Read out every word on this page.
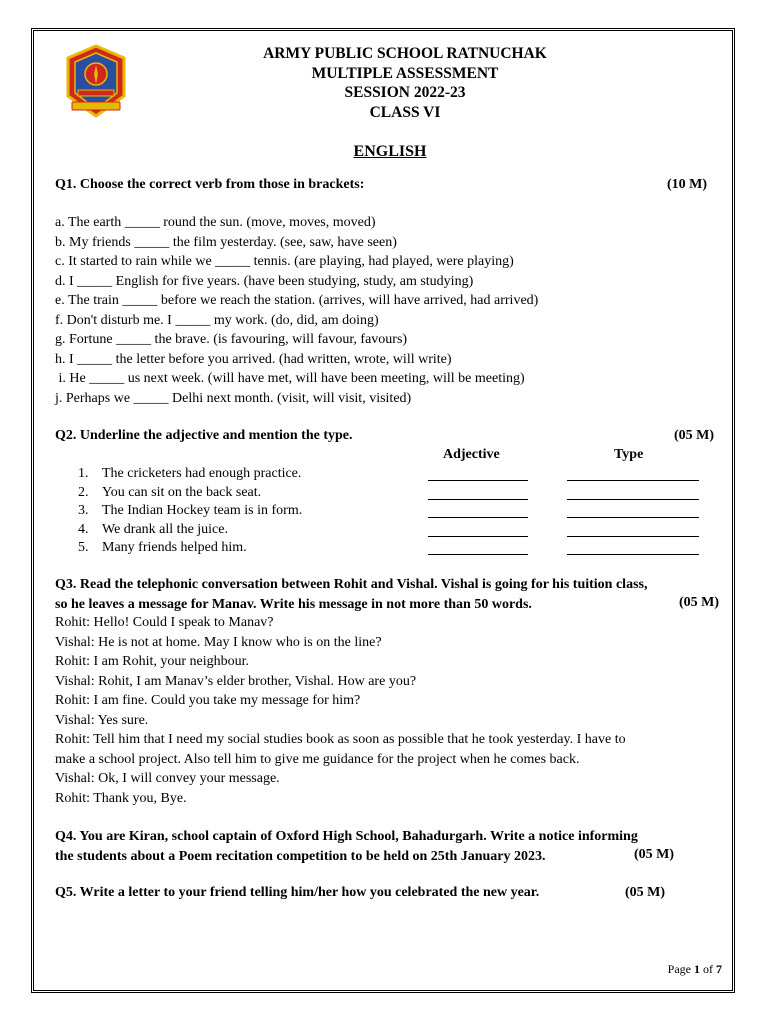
ARMY PUBLIC SCHOOL RATNUCHAK
MULTIPLE ASSESSMENT
SESSION 2022-23
CLASS VI
ENGLISH
Q1. Choose the correct verb from those in brackets:	(10 M)
a. The earth _____ round the sun. (move, moves, moved)
b. My friends _____ the film yesterday. (see, saw, have seen)
c. It started to rain while we _____ tennis. (are playing, had played, were playing)
d. I _____ English for five years. (have been studying, study, am studying)
e. The train _____ before we reach the station. (arrives, will have arrived, had arrived)
f. Don't disturb me. I _____ my work. (do, did, am doing)
g. Fortune _____ the brave. (is favouring, will favour, favours)
h. I _____ the letter before you arrived. (had written, wrote, will write)
i. He _____ us next week. (will have met, will have been meeting, will be meeting)
j. Perhaps we _____ Delhi next month. (visit, will visit, visited)
Q2. Underline the adjective and mention the type.	(05 M)
Adjective	Type
1. The cricketers had enough practice.
2. You can sit on the back seat.
3. The Indian Hockey team is in form.
4. We drank all the juice.
5. Many friends helped him.
Q3. Read the telephonic conversation between Rohit and Vishal. Vishal is going for his tuition class,
so he leaves a message for Manav. Write his message in not more than 50 words.	(05 M)
Rohit: Hello! Could I speak to Manav?
Vishal: He is not at home. May I know who is on the line?
Rohit: I am Rohit, your neighbour.
Vishal: Rohit, I am Manav’s elder brother, Vishal. How are you?
Rohit: I am fine. Could you take my message for him?
Vishal: Yes sure.
Rohit: Tell him that I need my social studies book as soon as possible that he took yesterday. I have to
make a school project. Also tell him to give me guidance for the project when he comes back.
Vishal: Ok, I will convey your message.
Rohit: Thank you, Bye.
Q4. You are Kiran, school captain of Oxford High School, Bahadurgarh. Write a notice informing
the students about a Poem recitation competition to be held on 25th January 2023.	(05 M)
Q5. Write a letter to your friend telling him/her how you celebrated the new year.	(05 M)
Page 1 of 7
